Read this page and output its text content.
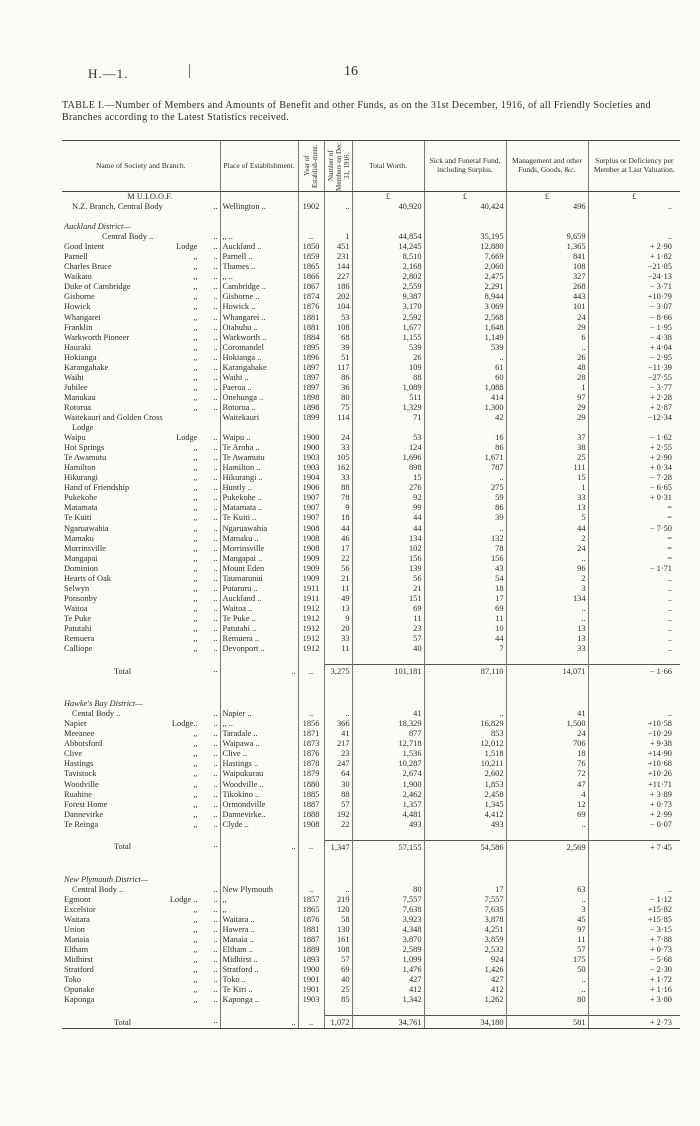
H.—1.	16
TABLE I.—Number of Members and Amounts of Benefit and other Funds, as on the 31st December, 1916, of all Friendly Societies and Branches according to the Latest Statistics received.
Name of Society and Branch.	Place of Establishment.	Year of Establish-ment.	Number of Members on Dec. 31, 1916.	Total Worth.	Sick and Funeral Fund, including Surplus.	Management and other Funds, Goods, &c.	Surplus or Deficiency per Member at Last Valuation.
M U.I.O.O.F.				£	£	£	£
N.Z. Branch, Central Body ..	Wellington ..	1902	..	40,920	40,424	496	..

Auckland District—							
Central Body .. ..	,, ..	..	1	44,854	35,195	9,659	..
Good Intent Lodge ..	Auckland ..	1850	451	14,245	12,880	1,365	+ 2·90
Parnell ,, ..	Parnell ..	1859	231	8,510	7,669	841	+ 1·82
Charles Bruce ,, ..	Thames ..	1865	144	2,168	2,060	108	−21·85
Waikato ,, ..	,, ..	1866	227	2,802	2,475	327	−24·13
Duke of Cambridge ,, ..	Cambridge ..	1867	186	2,559	2,291	268	− 3·71
Gisborne ,, ..	Gisborne ..	1874	202	9,387	8,944	443	+10·79
Howick ,, ..	Howick ..	1876	104	3,170	3 069	101	− 3·07
Whangarei ,, ..	Whangarei ..	1881	53	2,592	2,568	24	− 8·66
Franklin ,, ..	Otahuhu ..	1881	108	1,677	1,648	29	− 1·95
Warkworth Pioneer ,, ..	Warkworth ..	1884	68	1,155	1,149	6	− 4·38
Hauraki ,, ..	Coromandel	1895	39	539	539	..	+ 4·04
Hokianga ,, ..	Hokianga ..	1896	51	26	..	26	− 2·95
Karangahake ,, ..	Karangahake	1897	117	109	61	48	−11·39
Waihi ,, ..	Waihi ..	1897	86	88	60	28	−27·55
Jubilee ,, ..	Paeroa ..	1897	36	1,089	1,088	1	− 3·77
Manukau ,, ..	Onehunga ..	1898	80	511	414	97	+ 2·28
Rotorua ,, ..	Rotorua ..	1898	75	1,329	1,300	29	+ 2·87
Waitekauri and Golden Cross	Waitekauri	1899	114	71	42	29	−12·34
Lodge							
Waipu Lodge ..	Waipu ..	1900	24	53	16	37	− 1·62
Hot Springs ,, ..	Te Aroha ..	1900	33	124	86	38	+ 2·55
Te Awamutu ,, ..	Te Awamutu	1903	105	1,696	1,671	25	+ 2·90
Hamilton ,, ..	Hamilton ..	1903	162	898	787	111	+ 0·34
Hikurangi ,, ..	Hikurangi ..	1904	33	15	..	15	− 7·28
Hand of Friendship ,, ..	Huntly ..	1906	88	276	275	1	− 6·65
Pukekohe ,, ..	Pukekohe ..	1907	78	92	59	33	+ 0·31
Matamata ,, ..	Matamata ..	1907	9	99	86	13	=
Te Kuiti ,, ..	Te Kuiti ..	1907	18	44	39	5	=
Ngaruawahia ,, ..	Ngaruawahia	1908	44	44	..	44	− 7·50
Mamaku ,, ..	Mamaku ..	1908	46	134	132	2	=
Morrinsville ,, ..	Morrinsville	1908	17	102	78	24	=
Mangapai ,, ..	Mangapai ..	1909	22	156	156	..	=
Dominion ,, ..	Mount Eden	1909	56	139	43	96	− 1·71
Hearts of Oak ,, ..	Taumarunui	1909	21	56	54	2	..
Selwyn ,, ..	Putaruru ..	1911	11	21	18	3	..
Ponsonby ,, ..	Auckland ..	1911	49	151	17	134	..
Waitoa ,, ..	Waitoa ..	1912	13	69	69	..	..
Te Puke ,, ..	Te Puke ..	1912	9	11	11	..	..
Patutahi ,, ..	Patutahi ..	1912	20	23	10	13	..
Remuera ,, ..	Remuera ..	1912	33	57	44	13	..
Calliope ,, ..	Devonport ..	1912	11	40	7	33	..

Total ..	..	..	3,275	101,181	87,110	14,071	− 1·66

Hawke's Bay District—							
Cental Body .. ..	Napier ..	..	..	41	..	41	..
Napier Lodge.. ..	,, ..	1856	366	18,329	16,829	1,500	+10·58
Meeanee ,, ..	Taradale ..	1871	41	877	853	24	−10·29
Abbotsford ,, ..	Waipawa ..	1873	217	12,718	12,012	706	+ 9·38
Clive ,, ..	Clive ..	1876	23	1,536	1,518	18	+14·90
Hastings ,, ..	Hastings ..	1878	247	10,287	10,211	76	+10·68
Tavistock ,, ..	Waipukurau	1879	64	2,674	2,602	72	+10·26
Woodville ,, ..	Woodville ..	1880	30	1,900	1,853	47	+11·71
Ruahine ,, ..	Tikokino ..	1885	88	2,462	2,458	4	+ 3·89
Forest Home ,, ..	Ormondville	1887	57	1,357	1,345	12	+ 0·73
Dannevirke ,, ..	Dannevirke..	1888	192	4,481	4,412	69	+ 2·99
Te Reinga ,, ..	Clyde ..	1908	22	493	493	..	− 0·07

Total ..	..	..	1,347	57,155	54,586	2,569	+ 7·45

New Plymouth District—							
Central Body .. ..	New Plymouth	..	..	80	17	63	..
Egmont Lodge .. ..	,,	1857	219	7,557	7,557	..	− 1·12
Excelsior ,, ..	,,	1865	120	7,638	7,635	3	+15·82
Waitara ,, ..	Waitara ..	1876	58	3,923	3,878	45	+15·85
Union ,, ..	Hawera ..	1881	130	4,348	4,251	97	− 3·15
Manaia ,, ..	Manaia ..	1887	161	3,870	3,859	11	+ 7·88
Eltham ,, ..	Eltham ..	1889	108	2,589	2,532	57	+ 0·73
Midhirst ,, ..	Midhirst ..	1893	57	1,099	924	175	− 5·68
Stratford ,, ..	Stratford ..	1900	69	1,476	1,426	50	− 2·30
Toko ,, ..	Toko ..	1901	40	427	427	..	+ 1·72
Opunake ,, ..	Te Kiri ..	1901	25	412	412	..	+ 1·16
Kaponga ,, ..	Kaponga ..	1903	85	1,342	1,262	80	+ 3·80

Total ..	..	..	1,072	34,761	34,180	581	+ 2·73
